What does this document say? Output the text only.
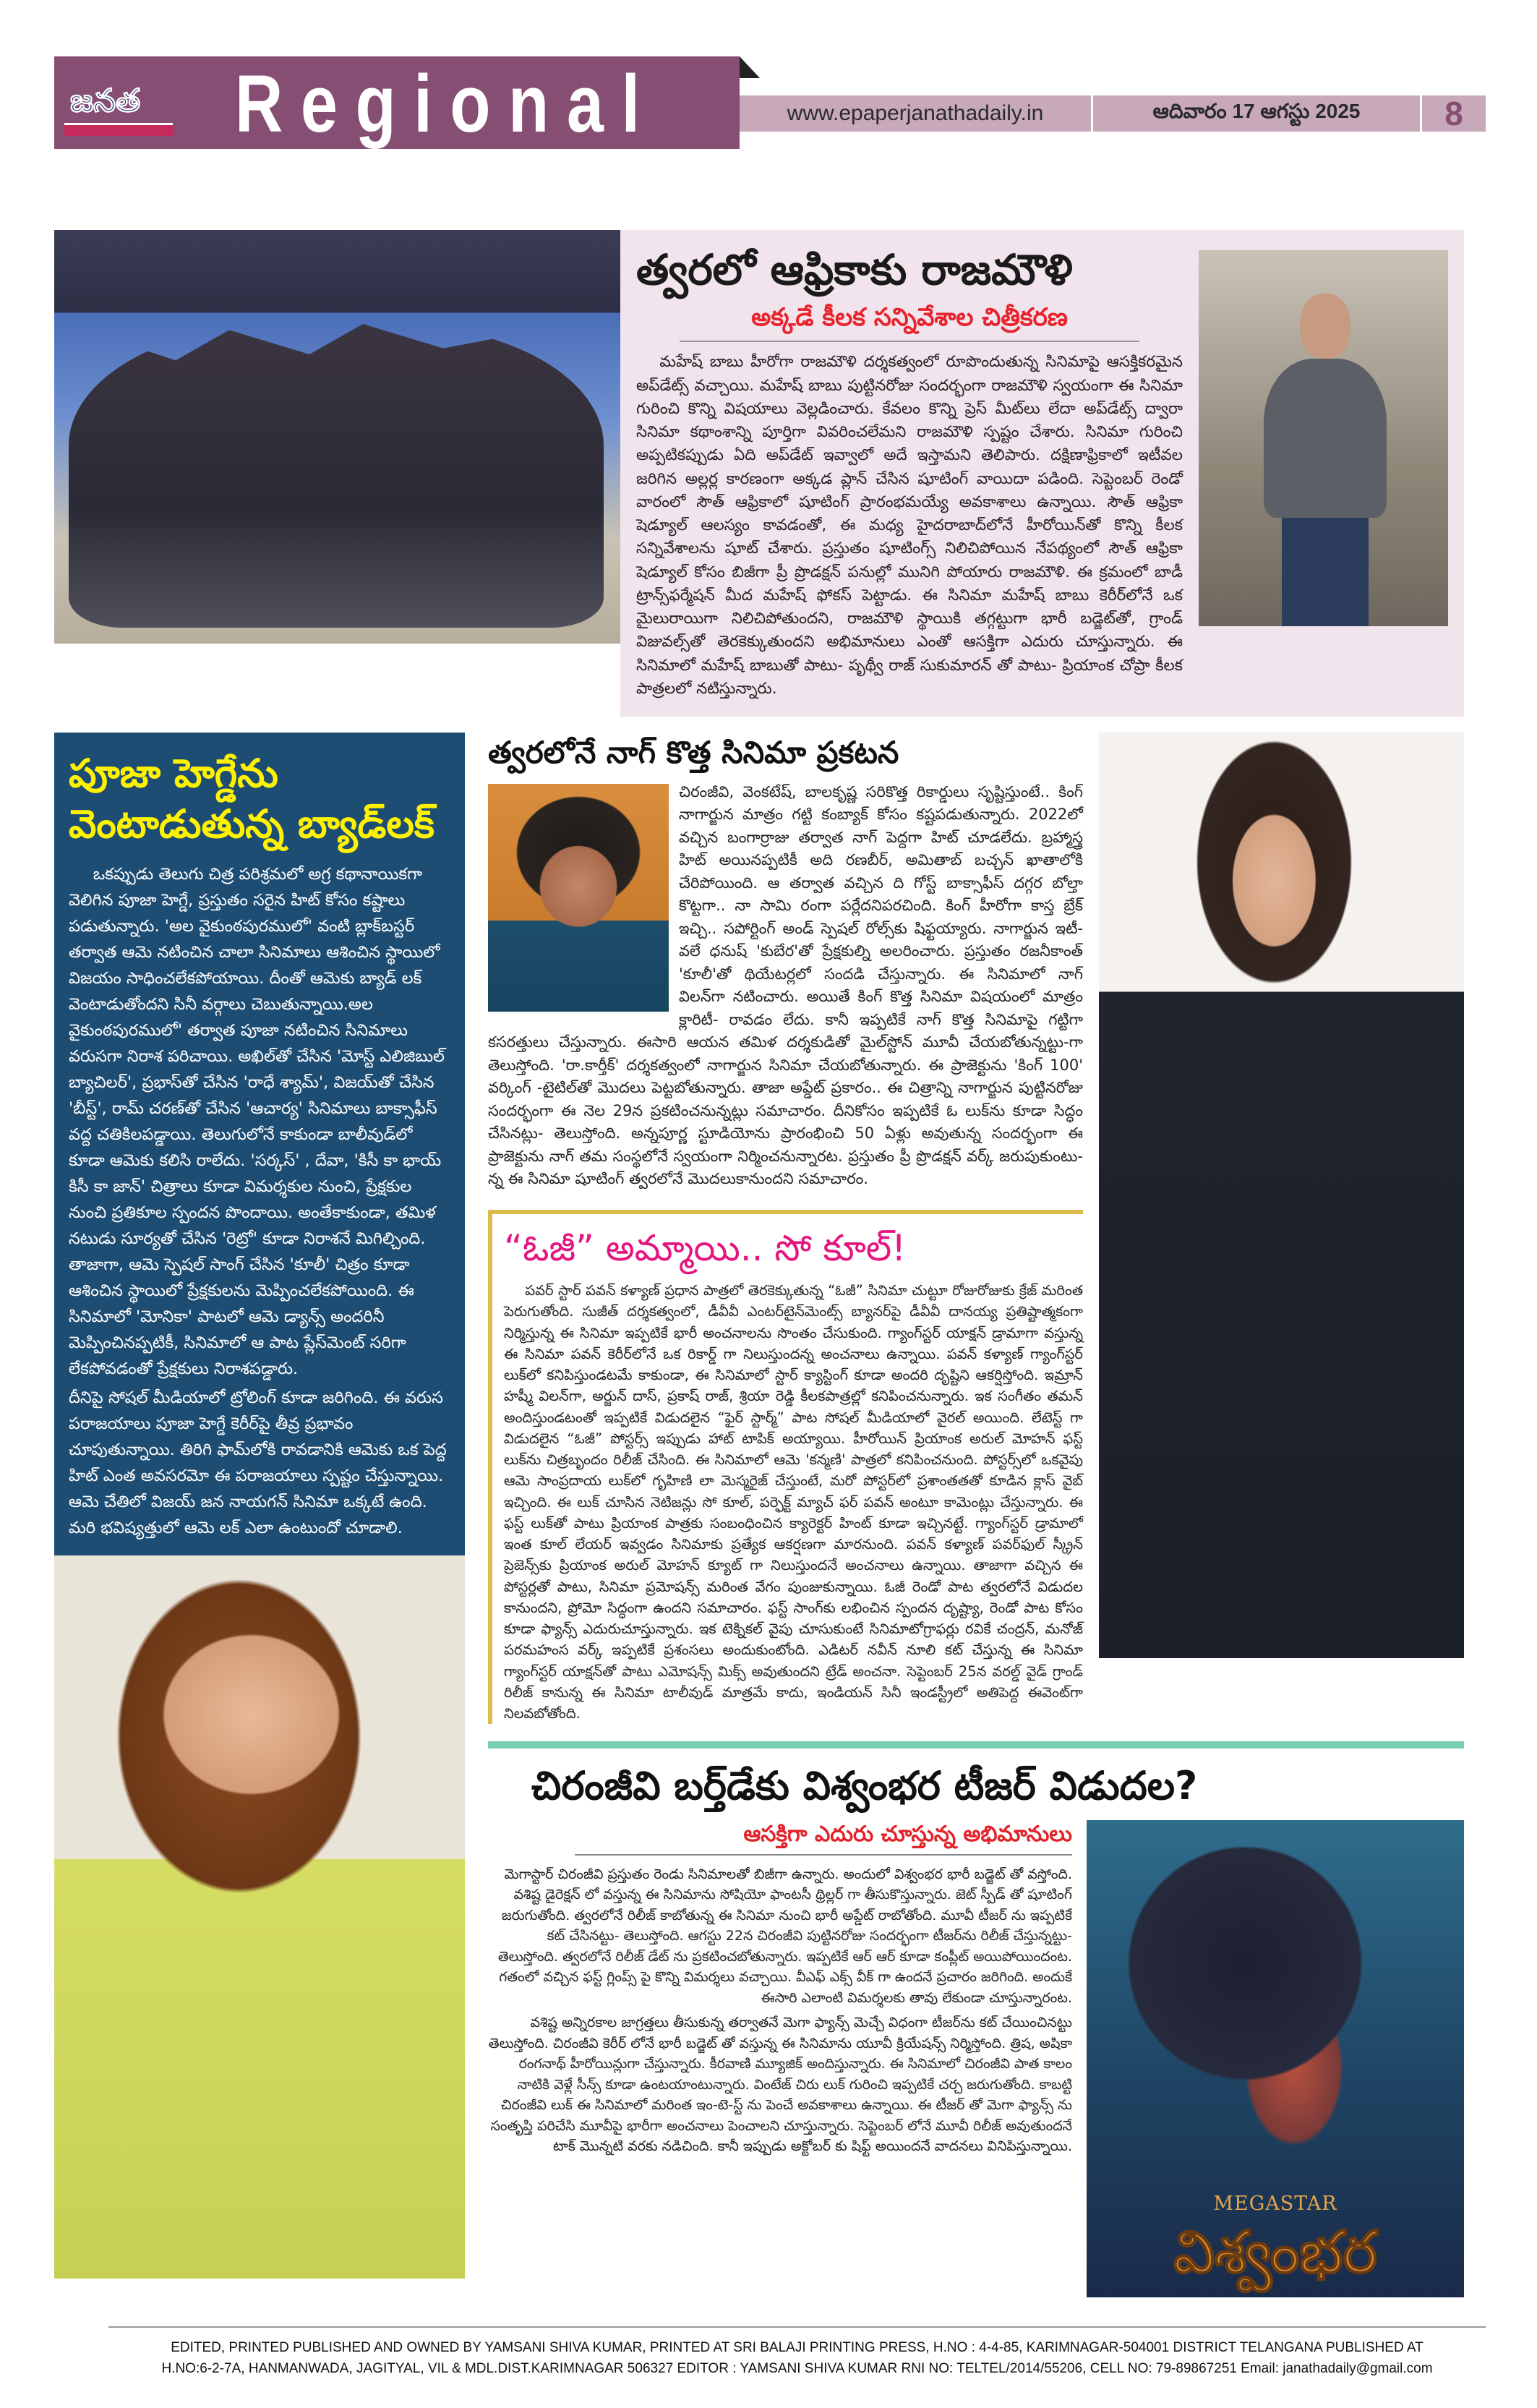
జనత Regional	www.epaperjanathadaily.in	ఆదివారం 17 ఆగస్టు 2025	8
త్వరలో ఆఫ్రికాకు రాజమౌళి
అక్కడే కీలక సన్నివేశాల చిత్రీకరణ

మహేష్ బాబు హీరోగా రాజమౌళి దర్శకత్వంలో రూపొందుతున్న సినిమాపై ఆసక్తికరమైన అప్‌డేట్స్ వచ్చాయి. మహేష్ బాబు పుట్టినరోజు సందర్భంగా రాజమౌళి స్వయంగా ఈ సినిమా గురించి కొన్ని విషయాలు వెల్లడించారు. కేవలం కొన్ని ప్రెస్ మీట్‌లు లేదా అప్‌డేట్స్ ద్వారా సినిమా కథాంశాన్ని పూర్తిగా వివరించలేమని రాజమౌళి స్పష్టం చేశారు. సినిమా గురించి అప్పటికప్పుడు ఏది అప్‌డేట్ ఇవ్వాలో అదే ఇస్తామని తెలిపారు. దక్షిణాఫ్రికాలో ఇటీవల జరిగిన అల్లర్ల కారణంగా అక్కడ ప్లాన్ చేసిన షూటింగ్ వాయిదా పడింది. సెప్టెంబర్ రెండో వారంలో సౌత్ ఆఫ్రికాలో షూటింగ్ ప్రారంభమయ్యే అవకాశాలు ఉన్నాయి. సౌత్ ఆఫ్రికా షెడ్యూల్ ఆలస్యం కావడంతో, ఈ మధ్య హైదరాబాద్‌లోనే హీరోయిన్‌తో కొన్ని కీలక సన్నివేశాలను షూట్ చేశారు. ప్రస్తుతం షూటింగ్స్ నిలిచిపోయిన నేపథ్యంలో సౌత్ ఆఫ్రికా షెడ్యూల్ కోసం బిజీగా ప్రీ ప్రొడక్షన్ పనుల్లో మునిగి పోయారు రాజమౌళి. ఈ క్రమంలో బాడీ ట్రాన్స్‌ఫర్మేషన్ మీద మహేష్ ఫోకస్ పెట్టాడు. ఈ సినిమా మహేష్ బాబు కెరీర్‌లోనే ఒక మైలురాయిగా నిలిచిపోతుందని, రాజమౌళి స్థాయికి తగ్గట్టుగా భారీ బడ్జెట్‌తో, గ్రాండ్ విజువల్స్‌తో తెరకెక్కుతుందని అభిమానులు ఎంతో ఆసక్తిగా ఎదురు చూస్తున్నారు. ఈ సినిమాలో మహేష్ బాబుతో పాటు- పృథ్వీ రాజ్ సుకుమారన్ తో పాటు- ప్రియాంక చోప్రా కీలక పాత్రలలో నటిస్తున్నారు.

పూజా హెగ్డేను వెంటాడుతున్న బ్యాడ్‌లక్

ఒకప్పుడు తెలుగు చిత్ర పరిశ్రమలో అగ్ర కథానాయికగా వెలిగిన పూజా హెగ్డే, ప్రస్తుతం సరైన హిట్ కోసం కష్టాలు పడుతున్నారు. 'అల వైకుంఠపురములో' వంటి బ్లాక్‌బస్టర్ తర్వాత ఆమె నటించిన చాలా సినిమాలు ఆశించిన స్థాయిలో విజయం సాధించలేకపోయాయి. దీంతో ఆమెకు బ్యాడ్ లక్ వెంటాడుతోందని సినీ వర్గాలు చెబుతున్నాయి.అల వైకుంఠపురములో' తర్వాత పూజా నటించిన సినిమాలు వరుసగా నిరాశ పరిచాయి. అఖిల్‌తో చేసిన 'మోస్ట్ ఎలిజిబుల్ బ్యాచిలర్', ప్రభాస్‌తో చేసిన 'రాధే శ్యామ్', విజయ్‌తో చేసిన 'బీస్ట్', రామ్ చరణ్‌తో చేసిన 'ఆచార్య' సినిమాలు బాక్సాఫీస్ వద్ద చతికిలపడ్డాయి. తెలుగులోనే కాకుండా బాలీవుడ్‌లో కూడా ఆమెకు కలిసి రాలేదు. 'సర్కస్' , దేవా, 'కిసీ కా భాయ్ కిసీ కా జాన్' చిత్రాలు కూడా విమర్శకుల నుంచి, ప్రేక్షకుల నుంచి ప్రతికూల స్పందన పొందాయి. అంతేకాకుండా, తమిళ నటుడు సూర్యతో చేసిన 'రెట్రో' కూడా నిరాశనే మిగిల్చింది. తాజాగా, ఆమె స్పెషల్ సాంగ్ చేసిన 'కూలీ' చిత్రం కూడా ఆశించిన స్థాయిలో ప్రేక్షకులను మెప్పించలేకపోయింది. ఈ సినిమాలో 'మోనికా' పాటలో ఆమె డ్యాన్స్ అందరినీ మెప్పించినప్పటికీ, సినిమాలో ఆ పాట ప్లేస్‌మెంట్ సరిగా లేకపోవడంతో ప్రేక్షకులు నిరాశపడ్డారు.

దీనిపై సోషల్ మీడియాలో ట్రోలింగ్ కూడా జరిగింది. ఈ వరుస పరాజయాలు పూజా హెగ్డే కెరీర్‌పై తీవ్ర ప్రభావం చూపుతున్నాయి. తిరిగి ఫామ్‌లోకి రావడానికి ఆమెకు ఒక పెద్ద హిట్ ఎంత అవసరమో ఈ పరాజయాలు స్పష్టం చేస్తున్నాయి. ఆమె చేతిలో విజయ్ జన నాయగన్ సినిమా ఒక్కటే ఉంది. మరి భవిష్యత్తులో ఆమె లక్ ఎలా ఉంటుందో చూడాలి.

త్వరలోనే నాగ్ కొత్త సినిమా ప్రకటన
చిరంజీవి, వెంకటేష్, బాలకృష్ణ సరికొత్త రికార్డులు సృష్టిస్తుంటే.. కింగ్ నాగార్జున మాత్రం గట్టి కంబ్యాక్ కోసం కష్టపడుతున్నారు. 2022లో వచ్చిన బంగార్రాజు తర్వాత నాగ్ పెద్దగా హిట్ చూడలేదు. బ్రహ్మాస్త్ర హిట్ అయినప్పటికీ అది రణబీర్, అమితాబ్ బచ్చన్ ఖాతాలోకి చేరిపోయింది. ఆ తర్వాత వచ్చిన ది గోస్ట్ బాక్సాఫీస్ దగ్గర బోల్తా కొట్టగా.. నా సామి రంగా పర్లేదనిపరచింది. కింగ్ హీరోగా కాస్త బ్రేక్ ఇచ్చి.. సపోర్టింగ్ అండ్ స్పెషల్ రోల్స్‌కు షిఫ్టయ్యారు. నాగార్జున ఇటీ-వలే ధనుష్ 'కుబేర'తో ప్రేక్షకుల్ని అలరించారు. ప్రస్తుతం రజనీకాంత్ 'కూలీ'తో థియేటర్లలో సందడి చేస్తున్నారు. ఈ సినిమాలో నాగ్ విలన్‌గా నటించారు. అయితే కింగ్ కొత్త సినిమా విషయంలో మాత్రం క్లారిటీ- రావడం లేదు. కానీ ఇప్పటికే నాగ్ కొత్త సినిమాపై గట్టిగా కసరత్తులు చేస్తున్నారు. ఈసారి ఆయన తమిళ దర్శకుడితో మైల్‌స్టోన్ మూవీ చేయబోతున్నట్టు-గా తెలుస్తోంది. 'రా.కార్తీక్' దర్శకత్వంలో నాగార్జున సినిమా చేయబోతున్నారు. ఈ ప్రాజెక్టును 'కింగ్ 100' వర్కింగ్ -టైటిల్‌తో మొదలు పెట్టబోతున్నారు. తాజా అప్డేట్ ప్రకారం.. ఈ చిత్రాన్ని నాగార్జున పుట్టినరోజు సందర్భంగా ఈ నెల 29న ప్రకటించనున్నట్లు సమాచారం. దీనికోసం ఇప్పటికే ఓ లుక్‌ను కూడా సిద్ధం చేసినట్లు- తెలుస్తోంది. అన్నపూర్ణ స్టూడియోను ప్రారంభించి 50 ఏళ్లు అవుతున్న సందర్భంగా ఈ ప్రాజెక్టును నాగ్ తమ సంస్థలోనే స్వయంగా నిర్మించనున్నారట. ప్రస్తుతం ప్రీ ప్రొడక్షన్ వర్క్ జరుపుకుంటు-న్న ఈ సినిమా షూటింగ్ త్వరలోనే మొదలుకానుందని సమాచారం.
“ఓజీ” అమ్మాయి.. సో కూల్!

పవర్ స్టార్ పవన్ కళ్యాణ్ ప్రధాన పాత్రలో తెరకెక్కుతున్న “ఓజీ” సినిమా చుట్టూ రోజురోజుకు క్రేజ్ మరింత పెరుగుతోంది. సుజీత్ దర్శకత్వంలో, డీవీవీ ఎంటర్‌టైన్‌మెంట్స్ బ్యానర్‌పై డీవీవీ దానయ్య ప్రతిష్టాత్మకంగా నిర్మిస్తున్న ఈ సినిమా ఇప్పటికే భారీ అంచనాలను సొంతం చేసుకుంది. గ్యాంగ్‌స్టర్ యాక్షన్ డ్రామాగా వస్తున్న ఈ సినిమా పవన్ కెరీర్‌లోనే ఒక రికార్డ్ గా నిలుస్తుందన్న అంచనాలు ఉన్నాయి. పవన్ కళ్యాణ్ గ్యాంగ్‌స్టర్ లుక్‌లో కనిపిస్తుండటమే కాకుండా, ఈ సినిమాలో స్టార్ క్యాస్టింగ్ కూడా అందరి దృష్టిని ఆకర్షిస్తోంది. ఇమ్రాన్ హష్మీ విలన్‌గా, అర్జున్ దాస్, ప్రకాష్ రాజ్, శ్రియా రెడ్డి కీలకపాత్రల్లో కనిపించనున్నారు. ఇక సంగీతం తమన్ అందిస్తుండటంతో ఇప్పటికే విడుదలైన “ఫైర్ స్టార్మ్” పాట సోషల్ మీడియాలో వైరల్ అయింది. లేటెస్ట్ గా విడుదలైన “ఓజీ” పోస్టర్స్ ఇప్పుడు హాట్ టాపిక్ అయ్యాయి. హీరోయిన్ ప్రియాంక అరుల్ మోహన్ ఫస్ట్ లుక్‌ను చిత్రబృందం రిలీజ్ చేసింది. ఈ సినిమాలో ఆమె 'కన్మణి' పాత్రలో కనిపించనుంది. పోస్టర్స్‌లో ఒకవైపు ఆమె సాంప్రదాయ లుక్‌లో గృహిణి లా మెస్మరైజ్ చేస్తుంటే, మరో పోస్టర్‌లో ప్రశాంతతతో కూడిన క్లాస్ వైబ్ ఇచ్చింది. ఈ లుక్ చూసిన నెటిజన్లు సో కూల్, పర్ఫెక్ట్ మ్యాచ్ ఫర్ పవన్ అంటూ కామెంట్లు చేస్తున్నారు. ఈ ఫస్ట్ లుక్‌తో పాటు ప్రియాంక పాత్రకు సంబంధించిన క్యారెక్టర్ హింట్ కూడా ఇచ్చినట్టే. గ్యాంగ్‌స్టర్ డ్రామాలో ఇంత కూల్ లేయర్ ఇవ్వడం సినిమాకు ప్రత్యేక ఆకర్షణగా మారనుంది. పవన్ కళ్యాణ్ పవర్‌ఫుల్ స్క్రీన్ ప్రెజెన్స్‌కు ప్రియాంక అరుల్ మోహన్ క్యూట్ గా నిలుస్తుందనే అంచనాలు ఉన్నాయి. తాజాగా వచ్చిన ఈ పోస్టర్లతో పాటు, సినిమా ప్రమోషన్స్ మరింత వేగం పుంజుకున్నాయి. ఓజీ రెండో పాట త్వరలోనే విడుదల కానుందని, ప్రోమో సిద్ధంగా ఉందని సమాచారం. ఫస్ట్ సాంగ్‌కు లభించిన స్పందన దృష్ట్యా, రెండో పాట కోసం కూడా ఫ్యాన్స్ ఎదురుచూస్తున్నారు. ఇక టెక్నికల్ వైపు చూసుకుంటే సినిమాటోగ్రాఫర్లు రవికే చంద్రన్, మనోజ్ పరమహంస వర్క్ ఇప్పటికే ప్రశంసలు అందుకుంటోంది. ఎడిటర్ నవీన్ నూలి కట్ చేస్తున్న ఈ సినిమా గ్యాంగ్‌స్టర్ యాక్షన్‌తో పాటు ఎమోషన్స్ మిక్స్ అవుతుందని ట్రేడ్ అంచనా. సెప్టెంబర్ 25న వరల్డ్ వైడ్ గ్రాండ్ రిలీజ్ కానున్న ఈ సినిమా టాలీవుడ్ మాత్రమే కాదు, ఇండియన్ సినీ ఇండస్ట్రీలో అతిపెద్ద ఈవెంట్‌గా నిలవబోతోంది.

చిరంజీవి బర్త్‌డేకు విశ్వంభర టీజర్ విడుదల?
ఆసక్తిగా ఎదురు చూస్తున్న అభిమానులు

మెగాస్టార్ చిరంజీవి ప్రస్తుతం రెండు సినిమాలతో బిజీగా ఉన్నారు. అందులో విశ్వంభర భారీ బడ్జెట్ తో వస్తోంది. వశిష్ట డైరెక్షన్ లో వస్తున్న ఈ సినిమాను సోషియో ఫాంటసీ థ్రిల్లర్ గా తీసుకొస్తున్నారు. జెట్ స్పీడ్ తో షూటింగ్ జరుగుతోంది. త్వరలోనే రిలీజ్ కాబోతున్న ఈ సినిమా నుంచి భారీ అప్డేట్ రాబోతోంది. మూవీ టీజర్ ను ఇప్పటికే కట్ చేసినట్టు- తెలుస్తోంది. ఆగస్టు 22న చిరంజీవి పుట్టినరోజు సందర్భంగా టీజర్‌ను రిలీజ్ చేస్తున్నట్టు- తెలుస్తోంది. త్వరలోనే రిలీజ్ డేట్ ను ప్రకటించబోతున్నారు. ఇప్పటికే ఆర్ ఆర్ కూడా కంప్లీట్ అయిపోయిందంట. గతంలో వచ్చిన ఫస్ట్ గ్లింప్స్ పై కొన్ని విమర్శలు వచ్చాయి. వీఎఫ్ ఎక్స్ వీక్ గా ఉందనే ప్రచారం జరిగింది. అందుకే ఈసారి ఎలాంటి విమర్శలకు తావు లేకుండా చూస్తున్నారంట.

వశిష్ట అన్నిరకాల జాగ్రత్తలు తీసుకున్న తర్వాతనే మెగా ఫ్యాన్స్ మెచ్చే విధంగా టీజర్‌ను కట్ చేయించినట్టు తెలుస్తోంది. చిరంజీవి కెరీర్ లోనే భారీ బడ్జెట్ తో వస్తున్న ఈ సినిమాను యూవీ క్రియేషన్స్ నిర్మిస్తోంది. త్రిష, అషికా రంగనాథ్ హీరోయిన్లుగా చేస్తున్నారు. కీరవాణి మ్యూజిక్ అందిస్తున్నారు. ఈ సినిమాలో చిరంజీవి పాత కాలం నాటికి వెళ్లే సీన్స్ కూడా ఉంటయాంటున్నారు. వింటేజ్ చిరు లుక్ గురించి ఇప్పటికే చర్చ జరుగుతోంది. కాబట్టి చిరంజీవి లుక్ ఈ సినిమాలో మరింత ఇం-టె-స్ట్ ను పెంచే అవకాశాలు ఉన్నాయి. ఈ టీజర్ తో మెగా ఫ్యాన్స్ ను సంతృప్తి పరిచేసి మూవీపై భారీగా అంచనాలు పెంచాలని చూస్తున్నారు. సెప్టెంబర్ లోనే మూవీ రిలీజ్ అవుతుందనే టాక్ మొన్నటి వరకు నడిచింది. కానీ ఇప్పుడు అక్టోబర్ కు షిఫ్ట్ అయిందనే వాదనలు వినిపిస్తున్నాయి.

MEGASTAR
విశ్వంభర
EDITED, PRINTED PUBLISHED AND OWNED BY YAMSANI SHIVA KUMAR, PRINTED AT SRI BALAJI PRINTING PRESS, H.NO : 4-4-85, KARIMNAGAR-504001 DISTRICT TELANGANA PUBLISHED AT
H.NO:6-2-7A, HANMANWADA, JAGITYAL, VIL & MDL.DIST.KARIMNAGAR 506327 EDITOR : YAMSANI SHIVA KUMAR RNI NO: TELTEL/2014/55206, CELL NO: 79-89867251 Email: janathadaily@gmail.com
